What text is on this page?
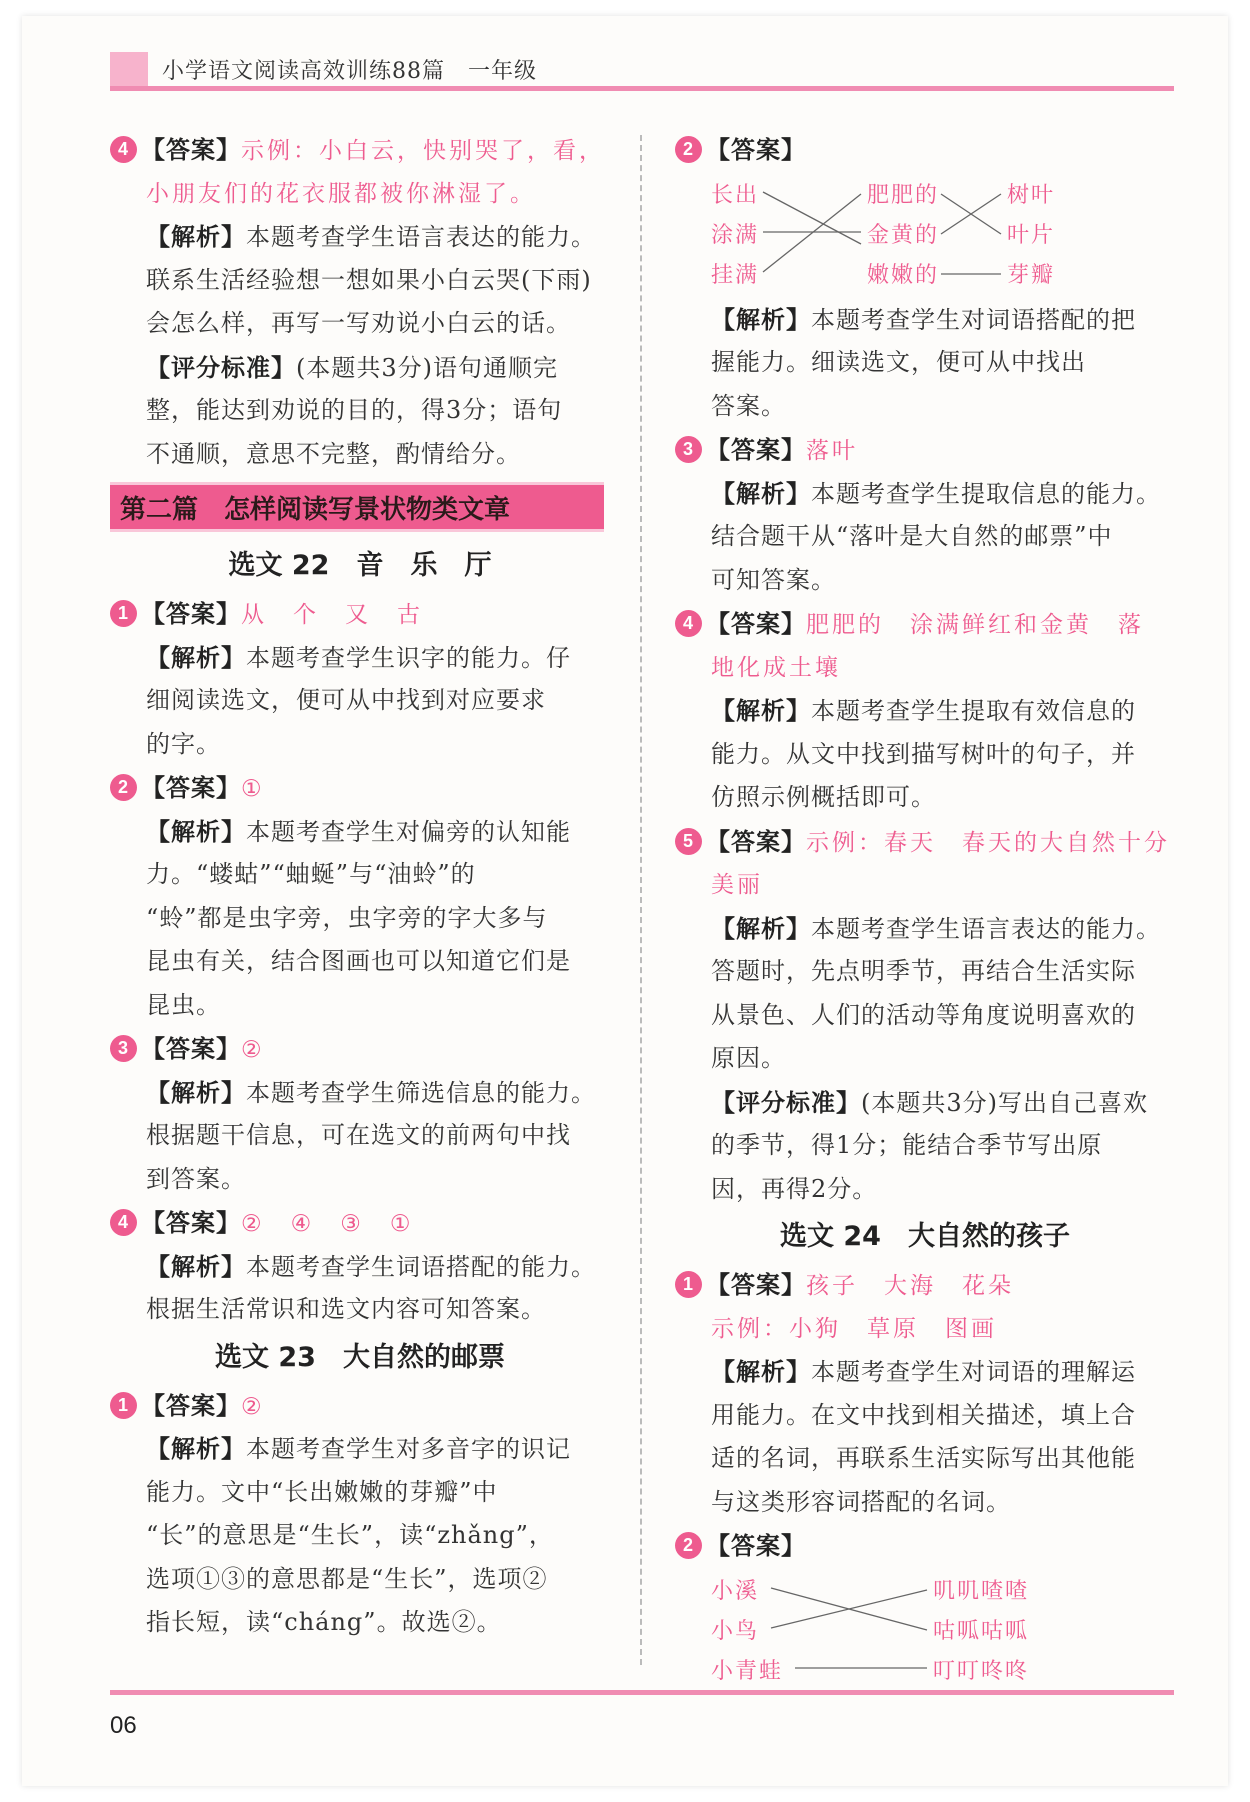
小学语文阅读高效训练88篇　一年级
4 【答案】示例：小白云，快别哭了，看，
小朋友们的花衣服都被你淋湿了。
【解析】本题考查学生语言表达的能力。
联系生活经验想一想如果小白云哭(下雨)
会怎么样，再写一写劝说小白云的话。
【评分标准】(本题共3分)语句通顺完
整，能达到劝说的目的，得3分；语句
不通顺，意思不完整，酌情给分。
第二篇　怎样阅读写景状物类文章
选文 22　音　乐　厅
1 【答案】从　个　又　古
【解析】本题考查学生识字的能力。仔
细阅读选文，便可从中找到对应要求
的字。
2 【答案】①
【解析】本题考查学生对偏旁的认知能
力。“蝼蛄”“蚰蜒”与“油蛉”的
“蛉”都是虫字旁，虫字旁的字大多与
昆虫有关，结合图画也可以知道它们是
昆虫。
3 【答案】②
【解析】本题考查学生筛选信息的能力。
根据题干信息，可在选文的前两句中找
到答案。
4 【答案】②　④　③　①
【解析】本题考查学生词语搭配的能力。
根据生活常识和选文内容可知答案。
选文 23　大自然的邮票
1 【答案】②
【解析】本题考查学生对多音字的识记
能力。文中“长出嫩嫩的芽瓣”中
“长”的意思是“生长”，读“zhǎng”，
选项①③的意思都是“生长”，选项②
指长短，读“cháng”。故选②。
2 【答案】
长出
涂满
挂满
肥肥的
金黄的
嫩嫩的
树叶
叶片
芽瓣
【解析】本题考查学生对词语搭配的把
握能力。细读选文，便可从中找出
答案。
3 【答案】落叶
【解析】本题考查学生提取信息的能力。
结合题干从“落叶是大自然的邮票”中
可知答案。
4 【答案】肥肥的　涂满鲜红和金黄　落
地化成土壤
【解析】本题考查学生提取有效信息的
能力。从文中找到描写树叶的句子，并
仿照示例概括即可。
5 【答案】示例：春天　春天的大自然十分
美丽
【解析】本题考查学生语言表达的能力。
答题时，先点明季节，再结合生活实际
从景色、人们的活动等角度说明喜欢的
原因。
【评分标准】(本题共3分)写出自己喜欢
的季节，得1分；能结合季节写出原
因，再得2分。
选文 24　大自然的孩子
1 【答案】孩子　大海　花朵
示例：小狗　草原　图画
【解析】本题考查学生对词语的理解运
用能力。在文中找到相关描述，填上合
适的名词，再联系生活实际写出其他能
与这类形容词搭配的名词。
2 【答案】
小溪
小鸟
小青蛙
叽叽喳喳
咕呱咕呱
叮叮咚咚
06
